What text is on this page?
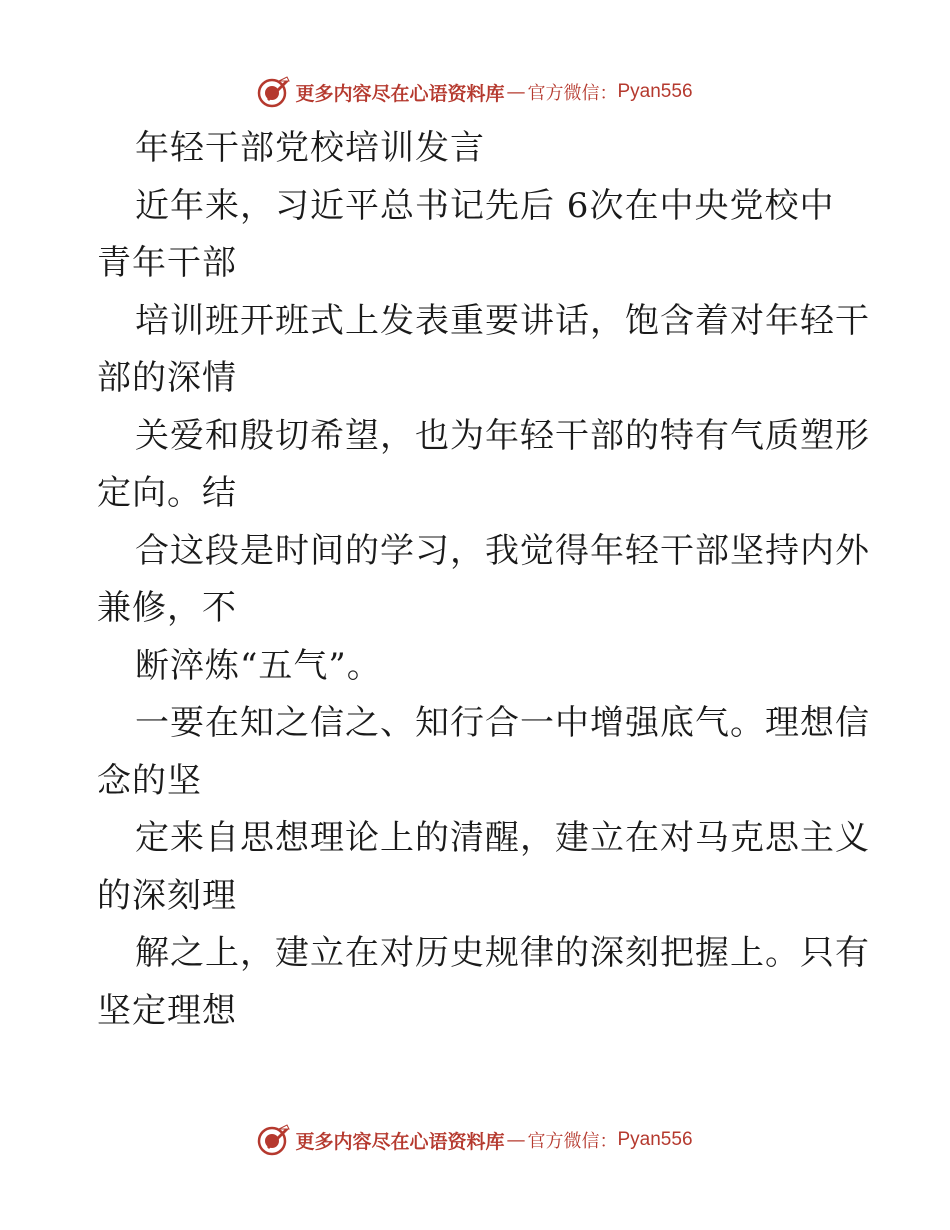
更多内容尽在心语资料库 — 官方微信： Pyan556
年轻干部党校培训发言
近年来，习近平总书记先后 6次在中央党校中
青年干部
培训班开班式上发表重要讲话，饱含着对年轻干
部的深情
关爱和殷切希望，也为年轻干部的特有气质塑形
定向。结
合这段是时间的学习，我觉得年轻干部坚持内外
兼修，不
断淬炼“五气”。
一要在知之信之、知行合一中增强底气。理想信
念的坚
定来自思想理论上的清醒，建立在对马克思主义
的深刻理
解之上，建立在对历史规律的深刻把握上。只有
坚定理想
更多内容尽在心语资料库 — 官方微信： Pyan556
